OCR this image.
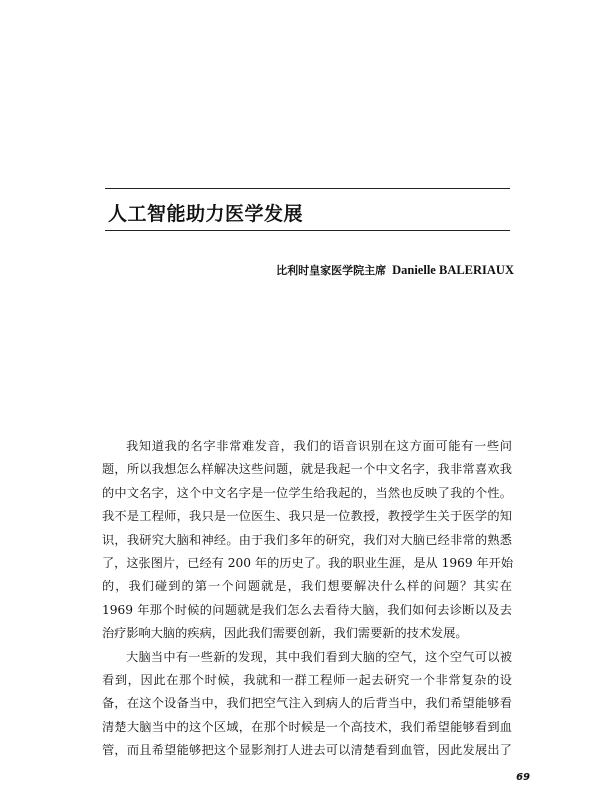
人工智能助力医学发展
比利时皇家医学院主席 Danielle BALERIAUX
我知道我的名字非常难发音，我们的语音识别在这方面可能有一些问
题，所以我想怎么样解决这些问题，就是我起一个中文名字，我非常喜欢我
的中文名字，这个中文名字是一位学生给我起的，当然也反映了我的个性。
我不是工程师，我只是一位医生、我只是一位教授，教授学生关于医学的知
识，我研究大脑和神经。由于我们多年的研究，我们对大脑已经非常的熟悉
了，这张图片，已经有 200 年的历史了。我的职业生涯，是从 1969 年开始
的，我们碰到的第一个问题就是，我们想要解决什么样的问题？其实在
1969 年那个时候的问题就是我们怎么去看待大脑，我们如何去诊断以及去
治疗影响大脑的疾病，因此我们需要创新，我们需要新的技术发展。
大脑当中有一些新的发现，其中我们看到大脑的空气，这个空气可以被
看到，因此在那个时候，我就和一群工程师一起去研究一个非常复杂的设
备，在这个设备当中，我们把空气注入到病人的后背当中，我们希望能够看
清楚大脑当中的这个区域，在那个时候是一个高技术，我们希望能够看到血
管，而且希望能够把这个显影剂打人进去可以清楚看到血管，因此发展出了
69
